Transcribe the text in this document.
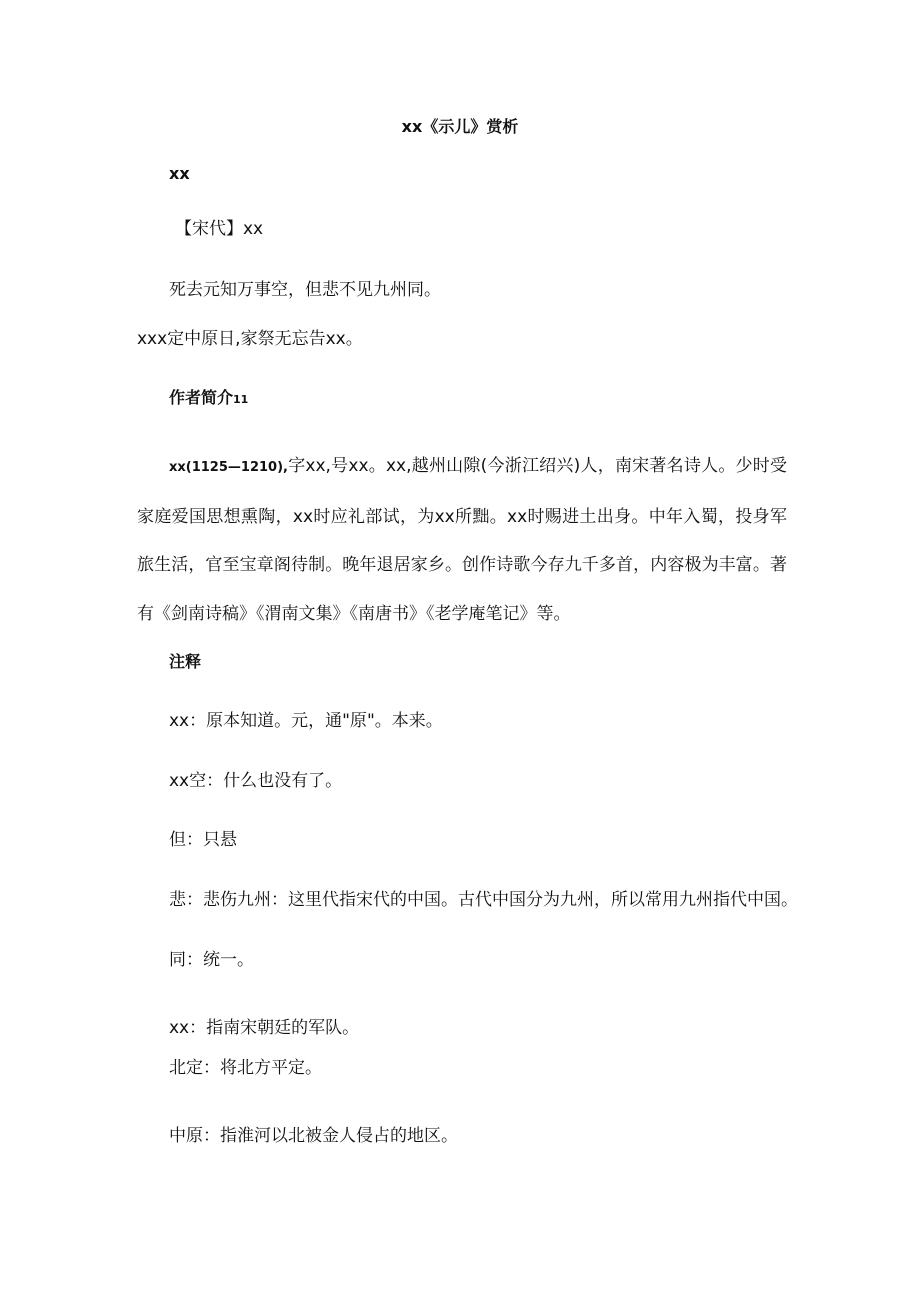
xx《示儿》赏析
xx
【宋代】xx
死去元知万事空，但悲不见九州同。
xxx定中原日,家祭无忘告xx。
作者简介11
xx(1125—1210),字xx,号xx。xx,越州山隙(今浙江绍兴)人，南宋著名诗人。少时受家庭爱国思想熏陶，xx时应礼部试，为xx所黜。xx时赐进土出身。中年入蜀，投身军旅生活，官至宝章阁待制。晚年退居家乡。创作诗歌今存九千多首，内容极为丰富。著有《剑南诗稿》《渭南文集》《南唐书》《老学庵笔记》等。
注释
xx：原本知道。元，通"原"。本来。
xx空：什么也没有了。
但：只悬
悲：悲伤九州：这里代指宋代的中国。古代中国分为九州，所以常用九州指代中国。
同：统一。
xx：指南宋朝廷的军队。
北定：将北方平定。
中原：指淮河以北被金人侵占的地区。
